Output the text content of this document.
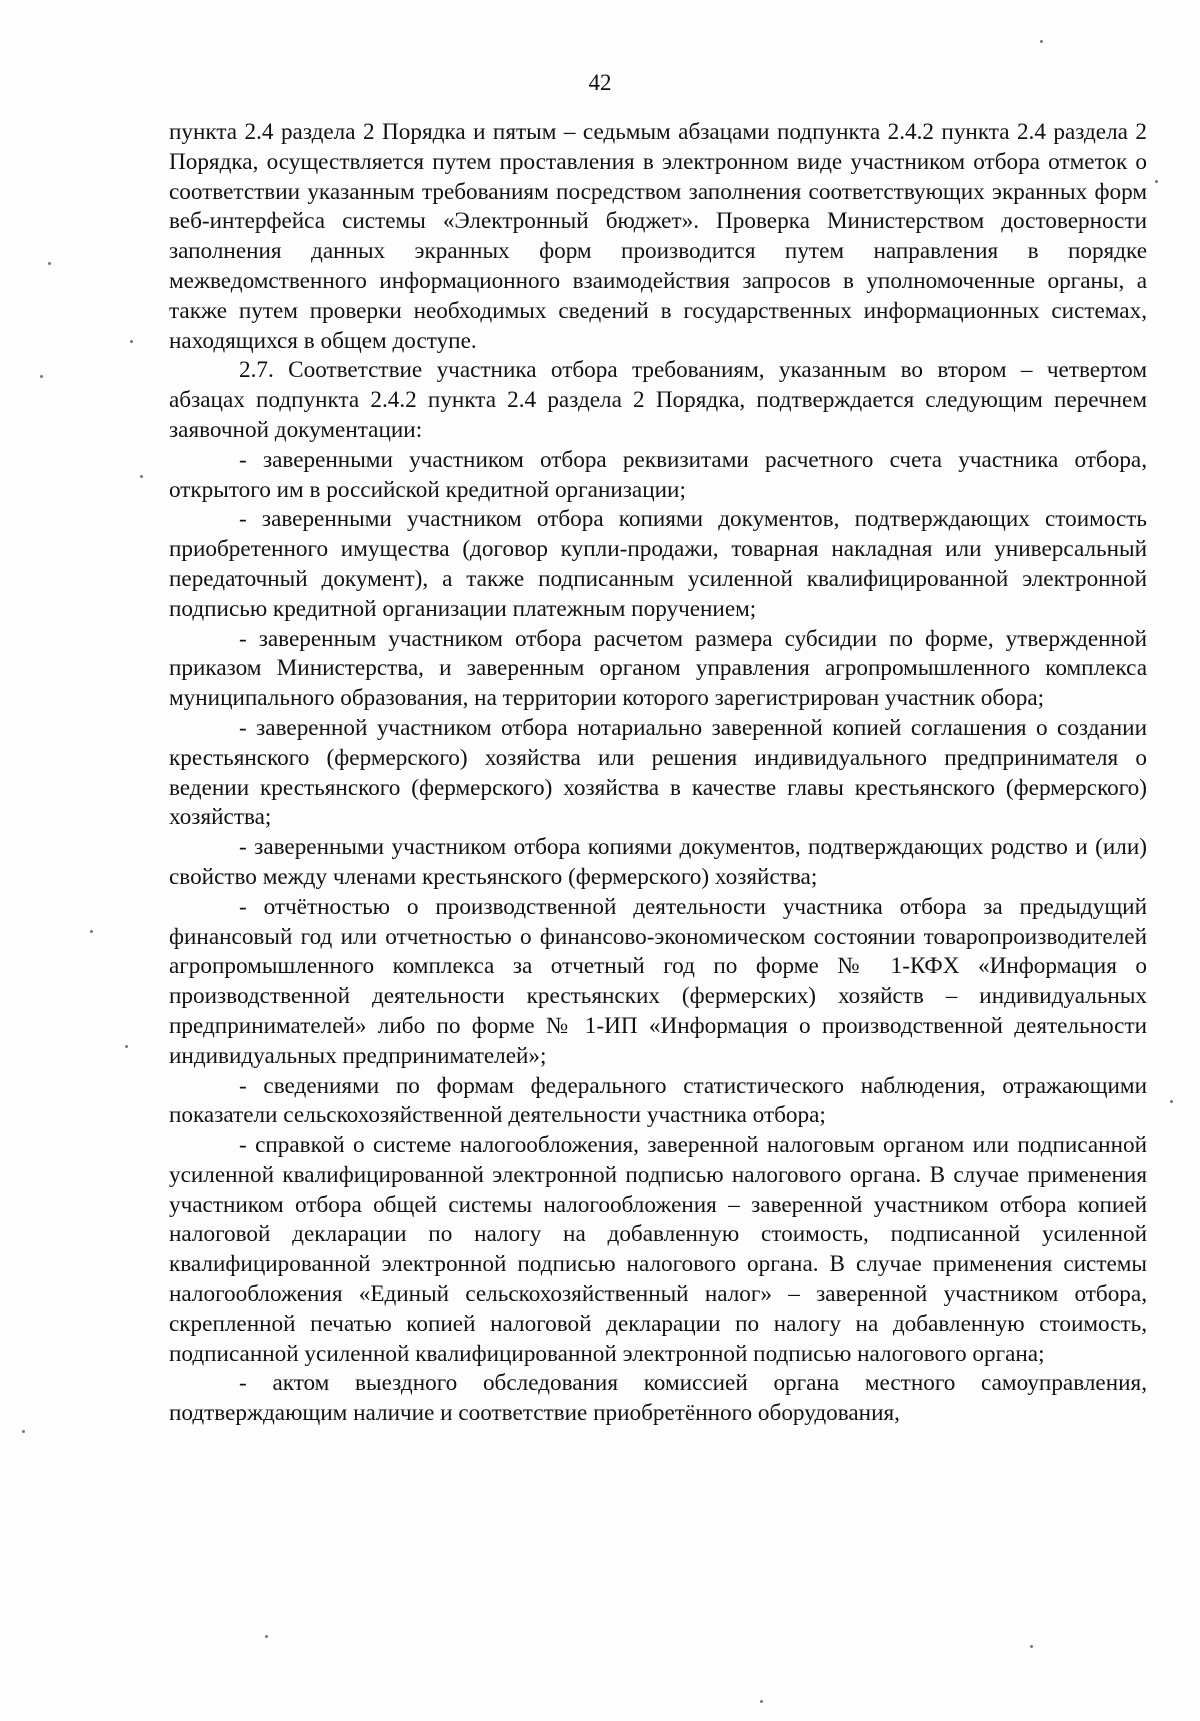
42

пункта 2.4 раздела 2 Порядка и пятым – седьмым абзацами подпункта 2.4.2 пункта 2.4 раздела 2 Порядка, осуществляется путем проставления в электронном виде участником отбора отметок о соответствии указанным требованиям посредством заполнения соответствующих экранных форм веб-интерфейса системы «Электронный бюджет». Проверка Министерством достоверности заполнения данных экранных форм производится путем направления в порядке межведомственного информационного взаимодействия запросов в уполномоченные органы, а также путем проверки необходимых сведений в государственных информационных системах, находящихся в общем доступе.

2.7. Соответствие участника отбора требованиям, указанным во втором – четвертом абзацах подпункта 2.4.2 пункта 2.4 раздела 2 Порядка, подтверждается следующим перечнем заявочной документации:

- заверенными участником отбора реквизитами расчетного счета участника отбора, открытого им в российской кредитной организации;

- заверенными участником отбора копиями документов, подтверждающих стоимость приобретенного имущества (договор купли-продажи, товарная накладная или универсальный передаточный документ), а также подписанным усиленной квалифицированной электронной подписью кредитной организации платежным поручением;

- заверенным участником отбора расчетом размера субсидии по форме, утвержденной приказом Министерства, и заверенным органом управления агропромышленного комплекса муниципального образования, на территории которого зарегистрирован участник обора;

- заверенной участником отбора нотариально заверенной копией соглашения о создании крестьянского (фермерского) хозяйства или решения индивидуального предпринимателя о ведении крестьянского (фермерского) хозяйства в качестве главы крестьянского (фермерского) хозяйства;

- заверенными участником отбора копиями документов, подтверждающих родство и (или) свойство между членами крестьянского (фермерского) хозяйства;

- отчётностью о производственной деятельности участника отбора за предыдущий финансовый год или отчетностью о финансово-экономическом состоянии товаропроизводителей агропромышленного комплекса за отчетный год по форме № 1-КФХ «Информация о производственной деятельности крестьянских (фермерских) хозяйств – индивидуальных предпринимателей» либо по форме № 1-ИП «Информация о производственной деятельности индивидуальных предпринимателей»;

- сведениями по формам федерального статистического наблюдения, отражающими показатели сельскохозяйственной деятельности участника отбора;

- справкой о системе налогообложения, заверенной налоговым органом или подписанной усиленной квалифицированной электронной подписью налогового органа. В случае применения участником отбора общей системы налогообложения – заверенной участником отбора копией налоговой декларации по налогу на добавленную стоимость, подписанной усиленной квалифицированной электронной подписью налогового органа. В случае применения системы налогообложения «Единый сельскохозяйственный налог» – заверенной участником отбора, скрепленной печатью копией налоговой декларации по налогу на добавленную стоимость, подписанной усиленной квалифицированной электронной подписью налогового органа;

- актом выездного обследования комиссией органа местного самоуправления, подтверждающим наличие и соответствие приобретённого оборудования,
